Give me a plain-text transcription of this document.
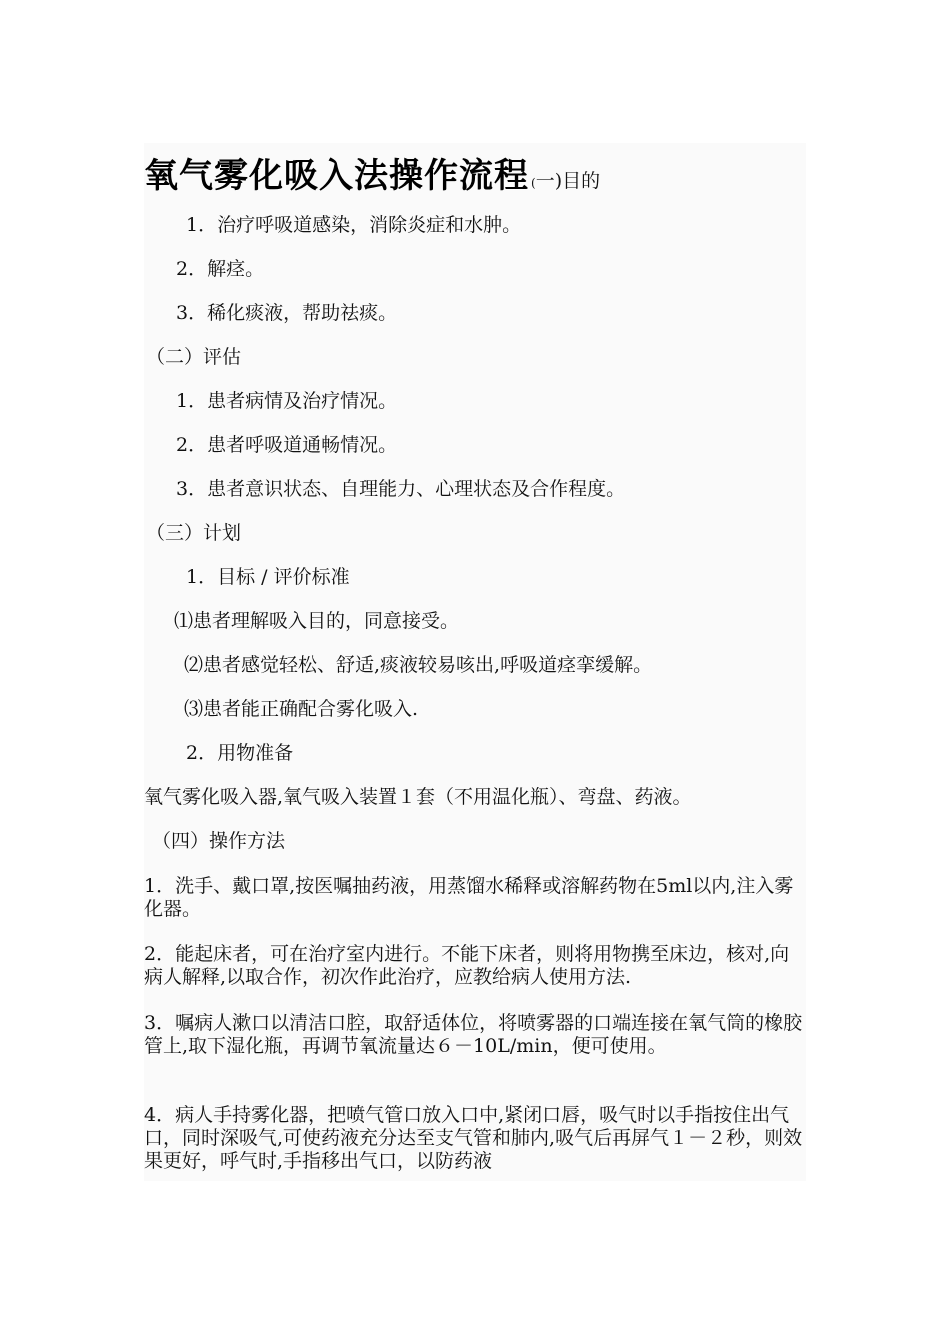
氧气雾化吸入法操作流程 (一)目的
1．治疗呼吸道感染，消除炎症和水肿。
2．解痉。
3．稀化痰液，帮助祛痰。
（二）评估
1．患者病情及治疗情况。
2．患者呼吸道通畅情况。
3．患者意识状态、自理能力、心理状态及合作程度。
（三）计划
1．目标 / 评价标准
⑴患者理解吸入目的，同意接受。
⑵患者感觉轻松、舒适,痰液较易咳出,呼吸道痉挛缓解。
⑶患者能正确配合雾化吸入.
2．用物准备
氧气雾化吸入器,氧气吸入装置１套（不用温化瓶）、弯盘、药液。
（四）操作方法
1．洗手、戴口罩,按医嘱抽药液，用蒸馏水稀释或溶解药物在5ml以内,注入雾化器。
2．能起床者，可在治疗室内进行。不能下床者，则将用物携至床边，核对,向病人解释,以取合作，初次作此治疗，应教给病人使用方法.
3．嘱病人漱口以清洁口腔，取舒适体位，将喷雾器的口端连接在氧气筒的橡胶管上,取下湿化瓶，再调节氧流量达６－10L/min，便可使用。
4．病人手持雾化器，把喷气管口放入口中,紧闭口唇，吸气时以手指按住出气口，同时深吸气,可使药液充分达至支气管和肺内,吸气后再屏气１－２秒，则效果更好，呼气时,手指移出气口，以防药液
